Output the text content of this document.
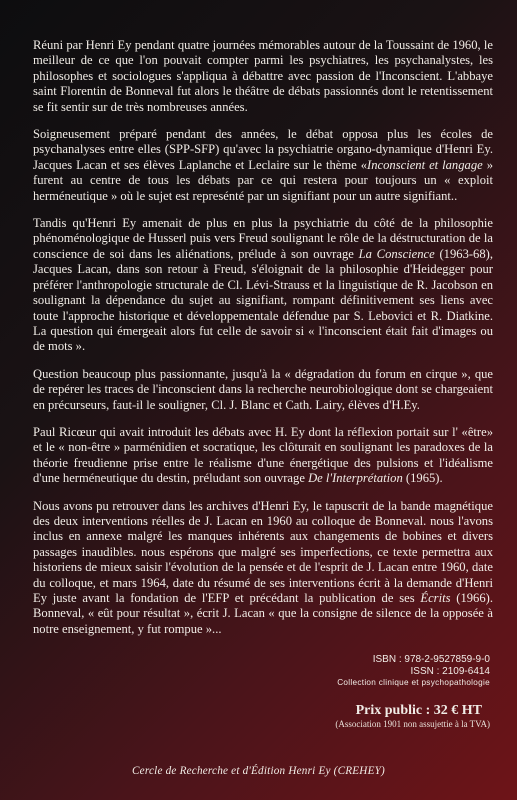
Réuni par Henri Ey pendant quatre journées mémorables autour de la Toussaint de 1960, le meilleur de ce que l'on pouvait compter parmi les psychiatres, les psychanalystes, les philosophes et sociologues s'appliqua à débattre avec passion de l'Inconscient. L'abbaye saint Florentin de Bonneval fut alors le théâtre de débats passionnés dont le retentissement se fit sentir sur de très nombreuses années.

Soigneusement préparé pendant des années, le débat opposa plus les écoles de psychanalyses entre elles (SPP-SFP) qu'avec la psychiatrie organo-dynamique d'Henri Ey. Jacques Lacan et ses élèves Laplanche et Leclaire sur le thème «Inconscient et langage » furent au centre de tous les débats par ce qui restera pour toujours un « exploit herméneutique » où le sujet est represénté par un signifiant pour un autre signifiant..

Tandis qu'Henri Ey amenait de plus en plus la psychiatrie du côté de la philosophie phénoménologique de Husserl puis vers Freud soulignant le rôle de la déstructuration de la conscience de soi dans les aliénations, prélude à son ouvrage La Conscience (1963-68), Jacques Lacan, dans son retour à Freud, s'éloignait de la philosophie d'Heidegger pour préférer l'anthropologie structurale de Cl. Lévi-Strauss et la linguistique de R. Jacobson en soulignant la dépendance du sujet au signifiant, rompant définitivement ses liens avec toute l'approche historique et développementale défendue par S. Lebovici et R. Diatkine. La question qui émergeait alors fut celle de savoir si « l'inconscient était fait d'images ou de mots ».

Question beaucoup plus passionnante, jusqu'à la « dégradation du forum en cirque », que de repérer les traces de l'inconscient dans la recherche neurobiologique dont se chargeaient en précurseurs, faut-il le souligner, Cl. J. Blanc et Cath. Lairy, élèves d'H.Ey.

Paul Ricœur qui avait introduit les débats avec H. Ey dont la réflexion portait sur l' «être» et le « non-être » parménidien et socratique, les clôturait en soulignant les paradoxes de la théorie freudienne prise entre le réalisme d'une énergétique des pulsions et l'idéalisme d'une herméneutique du destin, préludant son ouvrage De l'Interprétation (1965).

Nous avons pu retrouver dans les archives d'Henri Ey, le tapuscrit de la bande magnétique des deux interventions réelles de J. Lacan en 1960 au colloque de Bonneval. nous l'avons inclus en annexe malgré les manques inhérents aux changements de bobines et divers passages inaudibles. nous espérons que malgré ses imperfections, ce texte permettra aux historiens de mieux saisir l'évolution de la pensée et de l'esprit de J. Lacan entre 1960, date du colloque, et mars 1964, date du résumé de ses interventions écrit à la demande d'Henri Ey juste avant la fondation de l'EFP et précédant la publication de ses Écrits (1966). Bonneval, « eût pour résultat », écrit J. Lacan « que la consigne de silence de la opposée à notre enseignement, y fut rompue »...

ISBN : 978-2-9527859-9-0
ISSN : 2109-6414
Collection clinique et psychopathologie
Prix public : 32 € HT
(Association 1901 non assujettie à la TVA)
Cercle de Recherche et d'Édition Henri Ey (CREHEY)
